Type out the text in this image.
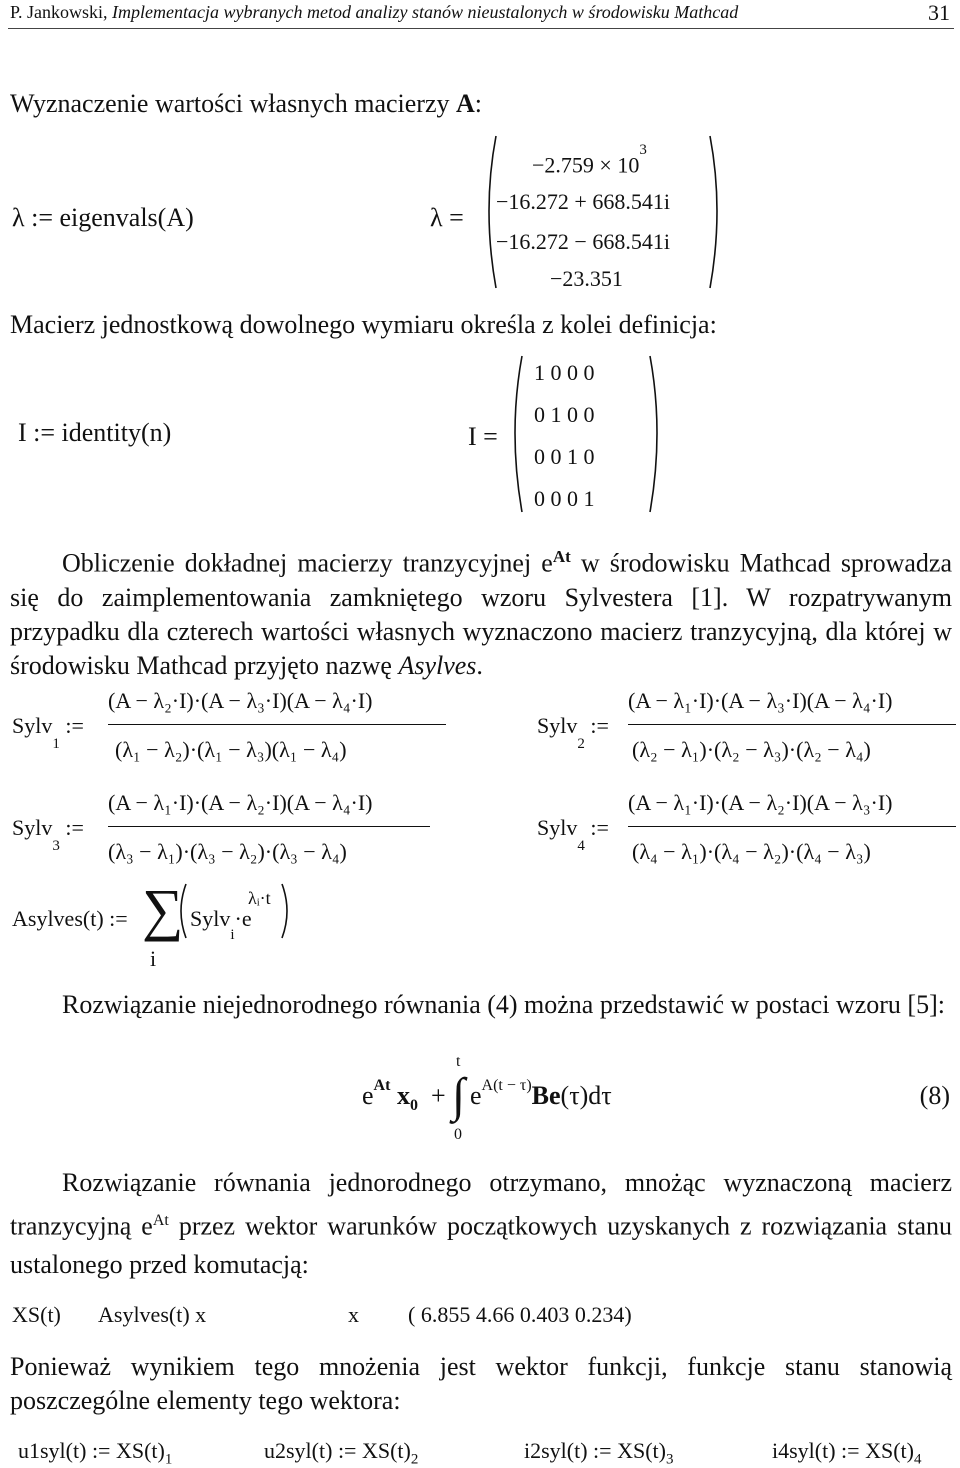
P. Jankowski, Implementacja wybranych metod analizy stanów nieustalonych w środowisku Mathcad	31
Wyznaczenie wartości własnych macierzy A:
λ := eigenvals(A)	λ =
$-2.759 \times 10^3$
−16.272 + 668.541i
−16.272 − 668.541i
−23.351
Macierz jednostkową dowolnego wymiaru określa z kolei definicja:
I := identity(n)	I =
1 0 0 0
0 1 0 0
0 0 1 0
0 0 0 1
Obliczenie dokładnej macierzy tranzycyjnej $e^{At}$ w środowisku Mathcad sprowadza się do zaimplementowania zamkniętego wzoru Sylvestera [1]. W rozpatrywanym przypadku dla czterech wartości własnych wyznaczono macierz tranzycyjną, dla której w środowisku Mathcad przyjęto nazwę Asylves.
Sylv$_1$ :=
(A − λ₂·I)·(A − λ₃·I)(A − λ₄·I)
(λ₁ − λ₂)·(λ₁ − λ₃)(λ₁ − λ₄)
Sylv$_2$ :=
(A − λ₁·I)·(A − λ₃·I)(A − λ₄·I)
(λ₂ − λ₁)·(λ₂ − λ₃)·(λ₂ − λ₄)
Sylv$_3$ :=
(A − λ₁·I)·(A − λ₂·I)(A − λ₄·I)
(λ₃ − λ₁)·(λ₃ − λ₂)·(λ₃ − λ₄)
Sylv$_4$ :=
(A − λ₁·I)·(A − λ₂·I)(A − λ₃·I)
(λ₄ − λ₁)·(λ₄ − λ₂)·(λ₄ − λ₃)
Asylves(t) := ∑
i
Sylv$_i$·e
λᵢ·t
Rozwiązanie niejednorodnego równania (4) można przedstawić w postaci wzoru [5]:
$e^{At}$ $x_0$ +
t
∫
0
$e^{A(t - \tau)}Be(\tau)d\tau$	(8)
Rozwiązanie równania jednorodnego otrzymano, mnożąc wyznaczoną macierz tranzycyjną $e^{At}$ przez wektor warunków początkowych uzyskanych z rozwiązania stanu ustalonego przed komutacją:
XS(t) Asylves(t) x	x ( 6.855 4.66 0.403 0.234)
Ponieważ wynikiem tego mnożenia jest wektor funkcji, funkcje stanu stanowią poszczególne elementy tego wektora:
u1syl(t) := $XS(t)_1$	u2syl(t) := $XS(t)_2$	i2syl(t) := $XS(t)_3$	i4syl(t) := $XS(t)_4$
